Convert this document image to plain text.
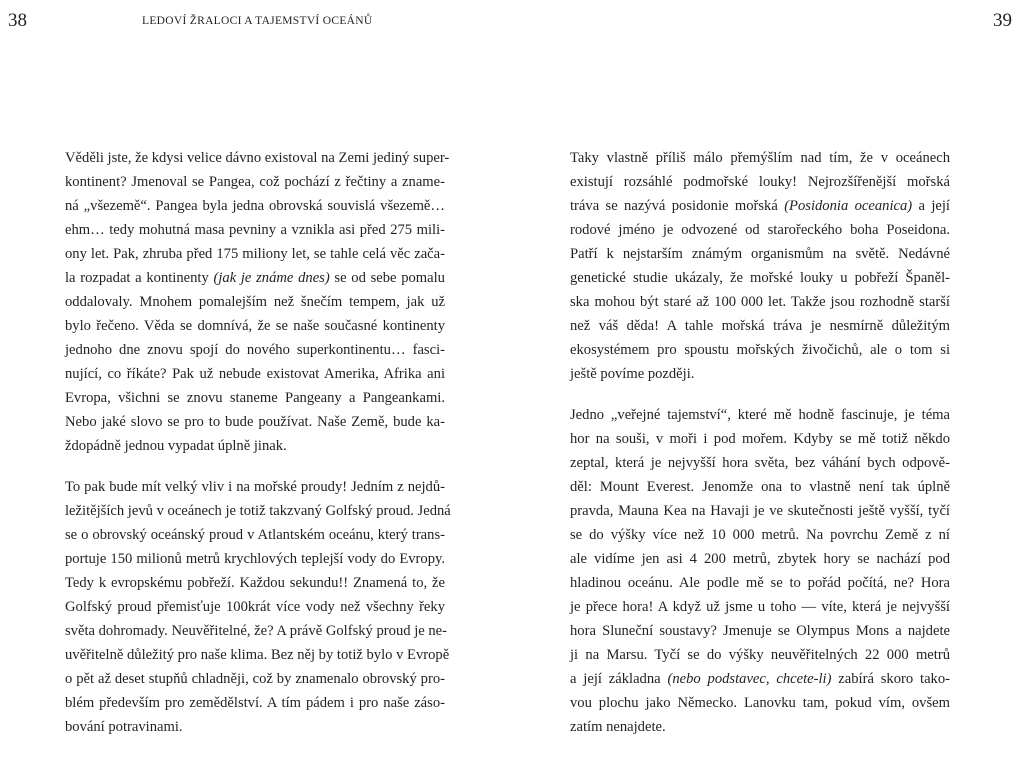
38	LEDOVÍ ŽRALOCI A TAJEMSTVÍ OCEÁNŮ
Věděli jste, že kdysi velice dávno existoval na Zemi jediný super-
kontinent? Jmenoval se Pangea, což pochází z řečtiny a zname-
ná „všezemě“. Pangea byla jedna obrovská souvislá všezemě…
ehm… tedy mohutná masa pevniny a vznikla asi před 275 mili-
ony let. Pak, zhruba před 175 miliony let, se tahle celá věc zača-
la rozpadat a kontinenty (jak je známe dnes) se od sebe pomalu
oddalovaly. Mnohem pomalejším než šnečím tempem, jak už
bylo řečeno. Věda se domnívá, že se naše současné kontinenty
jednoho dne znovu spojí do nového superkontinentu… fasci-
nující, co říkáte? Pak už nebude existovat Amerika, Afrika ani
Evropa, všichni se znovu staneme Pangeany a Pangeankami.
Nebo jaké slovo se pro to bude používat. Naše Země, bude ka-
ždopádně jednou vypadat úplně jinak.
To pak bude mít velký vliv i na mořské proudy! Jedním z nejdů-
ležitějších jevů v oceánech je totiž takzvaný Golfský proud. Jedná
se o obrovský oceánský proud v Atlantském oceánu, který trans-
portuje 150 milionů metrů krychlových teplejší vody do Evropy.
Tedy k evropskému pobřeží. Každou sekundu!! Znamená to, že
Golfský proud přemisťuje 100krát více vody než všechny řeky
světa dohromady. Neuvěřitelné, že? A právě Golfský proud je ne-
uvěřitelně důležitý pro naše klima. Bez něj by totiž bylo v Evropě
o pět až deset stupňů chladněji, což by znamenalo obrovský pro-
blém především pro zemědělství. A tím pádem i pro naše záso-
bování potravinami.
39
Taky vlastně příliš málo přemýšlím nad tím, že v oceánech
existují rozsáhlé podmořské louky! Nejrozšířenější mořská
tráva se nazývá posidonie mořská (Posidonia oceanica) a její
rodové jméno je odvozené od starořeckého boha Poseidona.
Patří k nejstarším známým organismům na světě. Nedávné
genetické studie ukázaly, že mořské louky u pobřeží Španěl-
ska mohou být staré až 100 000 let. Takže jsou rozhodně starší
než váš děda! A tahle mořská tráva je nesmírně důležitým
ekosystémem pro spoustu mořských živočichů, ale o tom si
ještě povíme později.
Jedno „veřejné tajemství“, které mě hodně fascinuje, je téma
hor na souši, v moři i pod mořem. Kdyby se mě totiž někdo
zeptal, která je nejvyšší hora světa, bez váhání bych odpově-
děl: Mount Everest. Jenomže ona to vlastně není tak úplně
pravda, Mauna Kea na Havaji je ve skutečnosti ještě vyšší, tyčí
se do výšky více než 10 000 metrů. Na povrchu Země z ní
ale vidíme jen asi 4 200 metrů, zbytek hory se nachází pod
hladinou oceánu. Ale podle mě se to pořád počítá, ne? Hora
je přece hora! A když už jsme u toho — víte, která je nejvyšší
hora Sluneční soustavy? Jmenuje se Olympus Mons a najdete
ji na Marsu. Tyčí se do výšky neuvěřitelných 22 000 metrů
a její základna (nebo podstavec, chcete-li) zabírá skoro tako-
vou plochu jako Německo. Lanovku tam, pokud vím, ovšem
zatím nenajdete.
